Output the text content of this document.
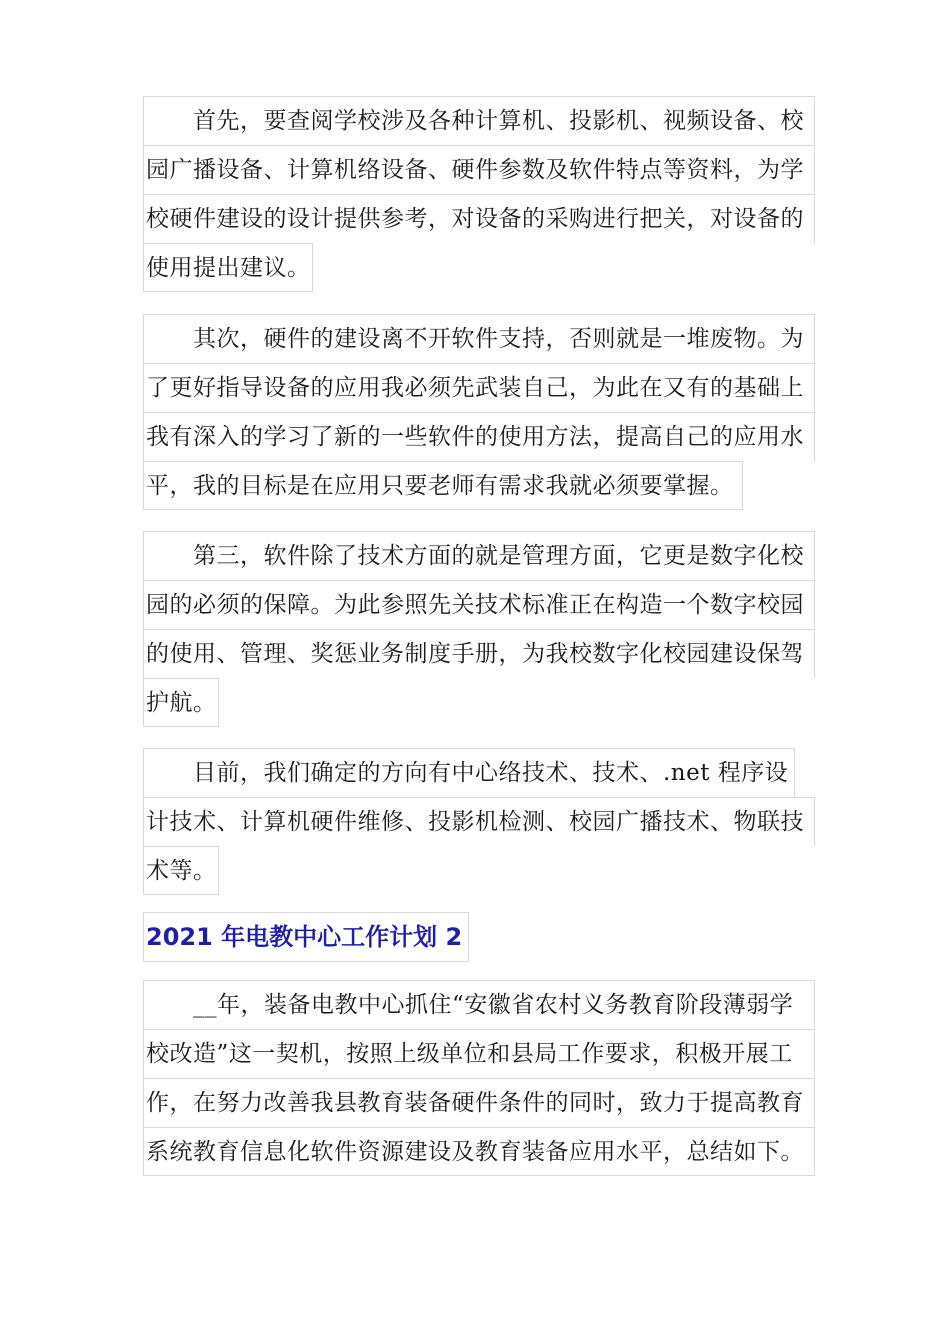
首先，要查阅学校涉及各种计算机、投影机、视频设备、校
园广播设备、计算机络设备、硬件参数及软件特点等资料，为学
校硬件建设的设计提供参考，对设备的采购进行把关，对设备的
使用提出建议。
其次，硬件的建设离不开软件支持，否则就是一堆废物。为
了更好指导设备的应用我必须先武装自己，为此在又有的基础上
我有深入的学习了新的一些软件的使用方法，提高自己的应用水
平，我的目标是在应用只要老师有需求我就必须要掌握。
第三，软件除了技术方面的就是管理方面，它更是数字化校
园的必须的保障。为此参照先关技术标准正在构造一个数字校园
的使用、管理、奖惩业务制度手册，为我校数字化校园建设保驾
护航。
目前，我们确定的方向有中心络技术、技术、.net 程序设
计技术、计算机硬件维修、投影机检测、校园广播技术、物联技
术等。
2021 年电教中心工作计划 2
__年，装备电教中心抓住“安徽省农村义务教育阶段薄弱学
校改造”这一契机，按照上级单位和县局工作要求，积极开展工
作，在努力改善我县教育装备硬件条件的同时，致力于提高教育
系统教育信息化软件资源建设及教育装备应用水平，总结如下。
